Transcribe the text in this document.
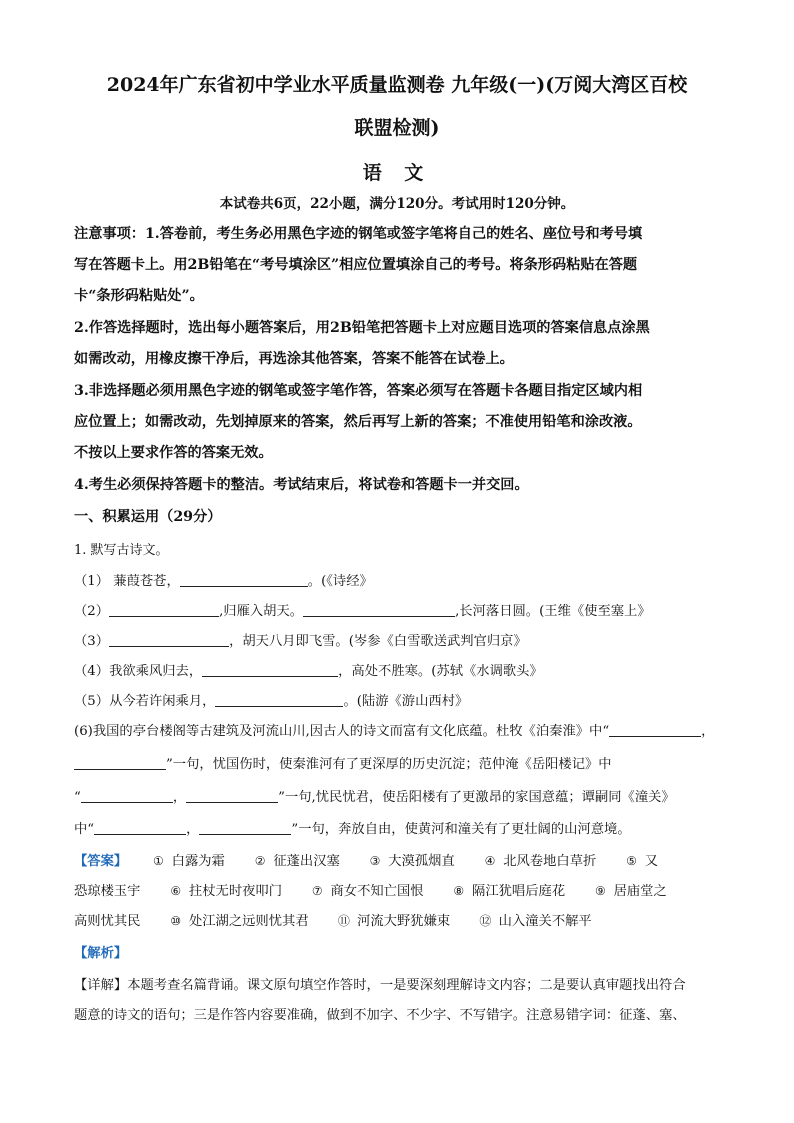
2024年广东省初中学业水平质量监测卷 九年级(一)(万阅大湾区百校
联盟检测)
语 文
本试卷共6页，22小题，满分120分。考试用时120分钟。
注意事项：1.答卷前，考生务必用黑色字迹的钢笔或签字笔将自己的姓名、座位号和考号填
写在答题卡上。用2B铅笔在“考号填涂区”相应位置填涂自己的考号。将条形码粘贴在答题
卡“条形码粘贴处”。
2.作答选择题时，选出每小题答案后，用2B铅笔把答题卡上对应题目选项的答案信息点涂黑
如需改动，用橡皮擦干净后，再选涂其他答案，答案不能答在试卷上。
3.非选择题必须用黑色字迹的钢笔或签字笔作答，答案必须写在答题卡各题目指定区域内相
应位置上；如需改动，先划掉原来的答案，然后再写上新的答案；不准使用铅笔和涂改液。
不按以上要求作答的答案无效。
4.考生必须保持答题卡的整洁。考试结束后，将试卷和答题卡一并交回。
一、积累运用（29分）
1. 默写古诗文。
（1） 蒹葭苍苍，	。(《诗经》
（2）	,归雁入胡天。	,长河落日圆。(王维《使至塞上》
（3）	，胡天八月即飞雪。(岑参《白雪歌送武判官归京》
（4）我欲乘风归去，	，高处不胜寒。(苏轼《水调歌头》
（5）从今若许闲乘月，	。(陆游《游山西村》
(6)我国的亭台楼阁等古建筑及河流山川,因古人的诗文而富有文化底蕴。杜牧《泊秦淮》中“	，
”一句，忧国伤时，使秦淮河有了更深厚的历史沉淀；范仲淹《岳阳楼记》中
“	，	”一句,忧民忧君，使岳阳楼有了更激昂的家国意蕴；谭嗣同《潼关》
中“	，	”一句，奔放自由，使黄河和潼关有了更壮阔的山河意境。
【答案】 ① 白露为霜 ② 征蓬出汉塞 ③ 大漠孤烟直 ④ 北风卷地白草折 ⑤ 又
恐琼楼玉宇 ⑥ 拄杖无时夜叩门 ⑦ 商女不知亡国恨 ⑧ 隔江犹唱后庭花 ⑨ 居庙堂之
高则忧其民 ⑩ 处江湖之远则忧其君 ⑪ 河流大野犹嫌束 ⑫ 山入潼关不解平
【解析】
【详解】本题考查名篇背诵。课文原句填空作答时，一是要深刻理解诗文内容；二是要认真审题找出符合
题意的诗文的语句；三是作答内容要准确，做到不加字、不少字、不写错字。注意易错字词：征蓬、塞、
